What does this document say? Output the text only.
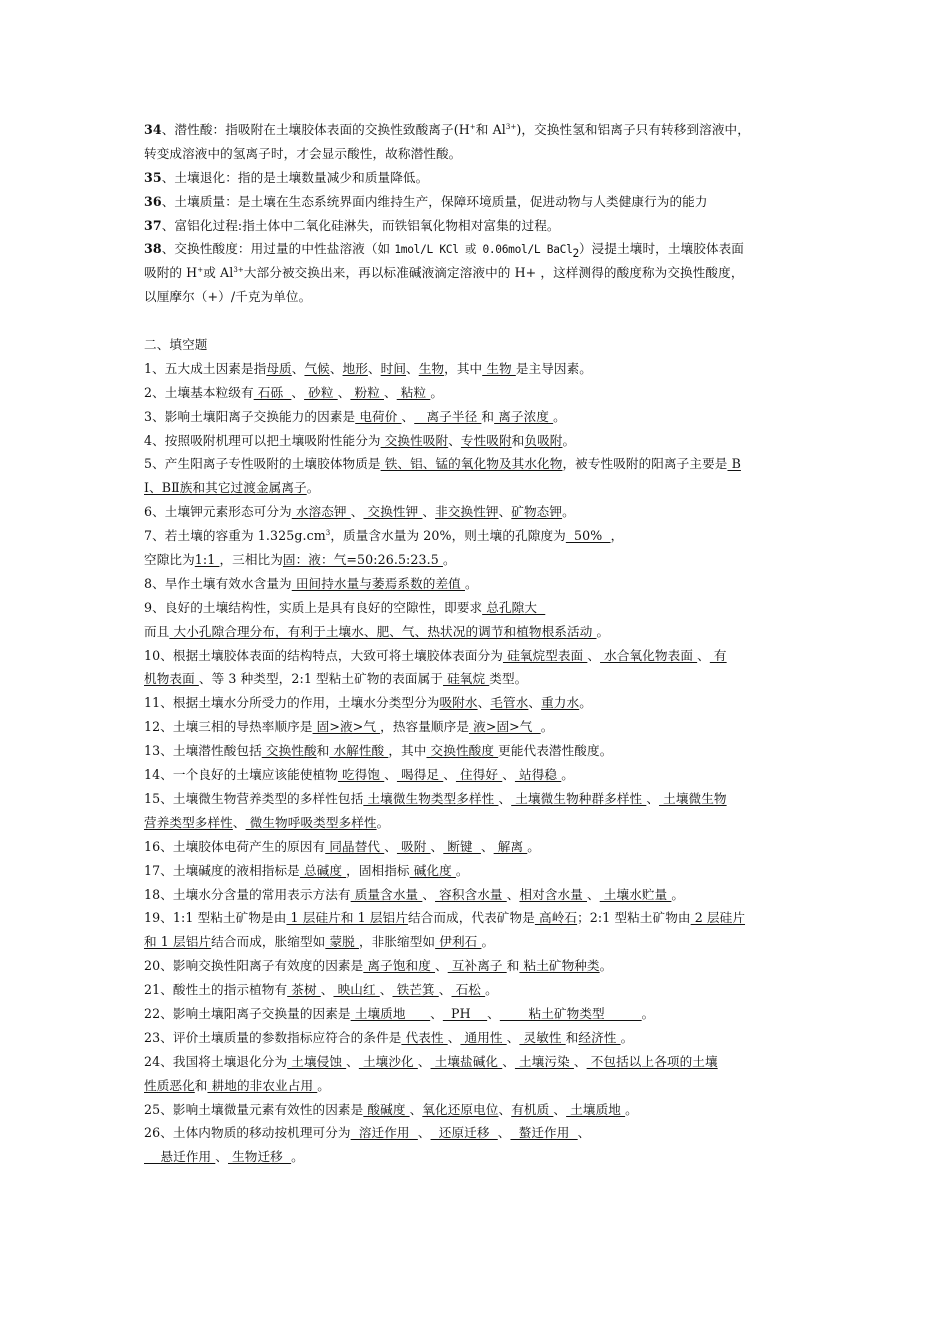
34、潜性酸：指吸附在土壤胶体表面的交换性致酸离子(H+和 $Al^{3+}$)，交换性氢和铝离子只有转移到溶液中，
转变成溶液中的氢离子时，才会显示酸性，故称潜性酸。
35、土壤退化：指的是土壤数量减少和质量降低。
36、土壤质量：是土壤在生态系统界面内维持生产，保障环境质量，促进动物与人类健康行为的能力
37、富铝化过程:指土体中二氧化硅淋失，而铁铝氧化物相对富集的过程。
38、交换性酸度：用过量的中性盐溶液（如 1mol/L KCl 或 0.06mol/L BaCl$_2$）浸提土壤时，土壤胶体表面
吸附的 H+或 $Al^{3+}$大部分被交换出来，再以标准碱液滴定溶液中的 H+ ，这样测得的酸度称为交换性酸度，
以厘摩尔（+）/千克为单位。
二、填空题
1、五大成土因素是指母质、气候、地形、时间、生物，其中 生物 是主导因素。
2、土壤基本粒级有 石砾  、 砂粒 、 粉粒 、 粘粒 。
3、影响土壤阳离子交换能力的因素是 电荷价 、   离子半径 和 离子浓度 。
4、按照吸附机理可以把土壤吸附性能分为 交换性吸附、专性吸附和负吸附。
5、产生阳离子专性吸附的土壤胶体物质是 铁、铝、锰的氧化物及其水化物，被专性吸附的阳离子主要是 B
Ⅰ、BⅡ族和其它过渡金属离子。
6、土壤钾元素形态可分为 水溶态钾 、 交换性钾 、非交换性钾、矿物态钾。
7、若土壤的容重为 $1.325g.cm^3$，质量含水量为 20%，则土壤的孔隙度为  50%  ，
空隙比为1:1 ，三相比为固：液：气=50:26.5:23.5 。
8、旱作土壤有效水含量为 田间持水量与萎焉系数的差值 。
9、良好的土壤结构性，实质上是具有良好的空隙性，即要求 总孔隙大
而且 大小孔隙合理分布，有利于土壤水、肥、气、热状况的调节和植物根系活动 。
10、根据土壤胶体表面的结构特点，大致可将土壤胶体表面分为 硅氧烷型表面 、 水合氧化物表面 、 有
机物表面 、等 3 种类型，2:1 型粘土矿物的表面属于 硅氧烷 类型。
11、根据土壤水分所受力的作用，土壤水分类型分为吸附水、毛管水、重力水。
12、土壤三相的导热率顺序是 固>液>气 ，热容量顺序是 液>固>气  。
13、土壤潜性酸包括 交换性酸和 水解性酸 ，其中 交换性酸度 更能代表潜性酸度。
14、一个良好的土壤应该能使植物 吃得饱 、 喝得足 、 住得好 、 站得稳 。
15、土壤微生物营养类型的多样性包括 土壤微生物类型多样性 、 土壤微生物种群多样性 、 土壤微生物
营养类型多样性、 微生物呼吸类型多样性。
16、土壤胶体电荷产生的原因有 同晶替代 、 吸附 、 断键  、 解离 。
17、土壤碱度的液相指标是 总碱度 ，固相指标 碱化度 。
18、土壤水分含量的常用表示方法有 质量含水量 、 容积含水量 、相对含水量 、 土壤水贮量 。
19、1:1 型粘土矿物是由 1 层硅片和 1 层铝片结合而成，代表矿物是 高岭石；2:1 型粘土矿物由 2 层硅片
和 1 层铝片结合而成，胀缩型如 蒙脱 ，非胀缩型如 伊利石 。
20、影响交换性阳离子有效度的因素是 离子饱和度 、 互补离子 和 粘土矿物种类。
21、酸性土的指示植物有 茶树 、 映山红 、 铁芒箕 、 石松 。
22、影响土壤阳离子交换量的因素是 土壤质地      、  PH    、       粘土矿物类型         。
23、评价土壤质量的参数指标应符合的条件是 代表性 、 通用性 、 灵敏性 和经济性 。
24、我国将土壤退化分为 土壤侵蚀 、 土壤沙化 、 土壤盐碱化 、 土壤污染 、 不包括以上各项的土壤
性质恶化和 耕地的非农业占用 。
25、影响土壤微量元素有效性的因素是 酸碱度 、氧化还原电位、有机质 、 土壤质地 。
26、土体内物质的移动按机理可分为  溶迁作用  、  还原迁移  、  螯迁作用  、
悬迁作用 、 生物迁移  。
